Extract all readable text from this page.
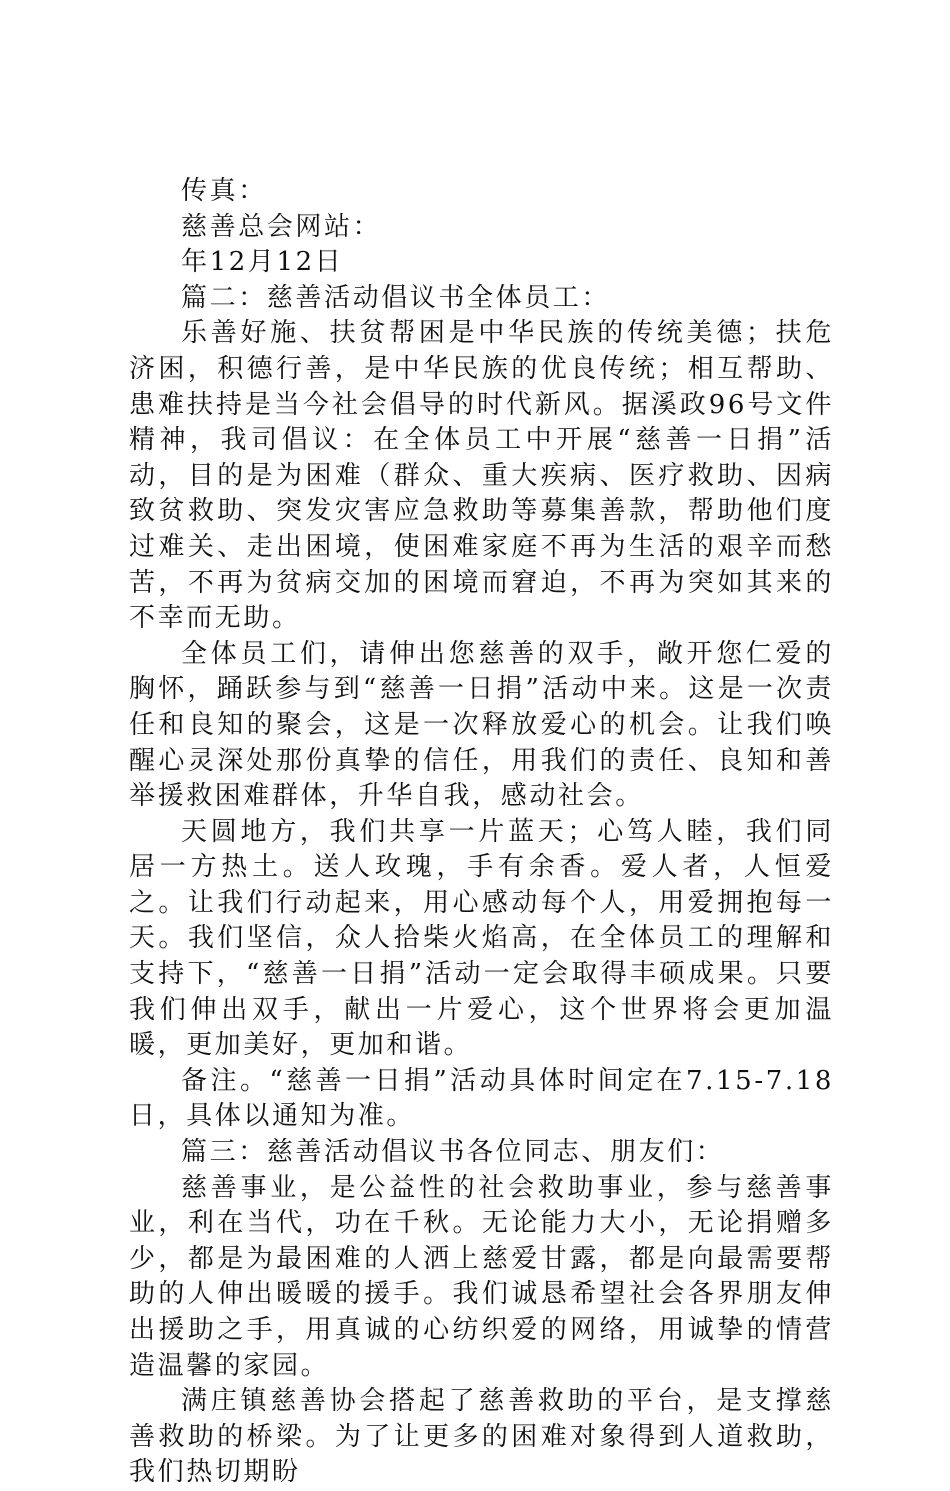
传真：

慈善总会网站：

年12月12日

篇二：慈善活动倡议书全体员工：

乐善好施、扶贫帮困是中华民族的传统美德；扶危济困，积德行善，是中华民族的优良传统；相互帮助、患难扶持是当今社会倡导的时代新风。据溪政96号文件精神，我司倡议：在全体员工中开展“慈善一日捐”活动，目的是为困难（群众、重大疾病、医疗救助、因病致贫救助、突发灾害应急救助等募集善款，帮助他们度过难关、走出困境，使困难家庭不再为生活的艰辛而愁苦，不再为贫病交加的困境而窘迫，不再为突如其来的不幸而无助。

全体员工们，请伸出您慈善的双手，敞开您仁爱的胸怀，踊跃参与到“慈善一日捐”活动中来。这是一次责任和良知的聚会，这是一次释放爱心的机会。让我们唤醒心灵深处那份真挚的信任，用我们的责任、良知和善举援救困难群体，升华自我，感动社会。

天圆地方，我们共享一片蓝天；心笃人睦，我们同居一方热土。送人玫瑰，手有余香。爱人者，人恒爱之。让我们行动起来，用心感动每个人，用爱拥抱每一天。我们坚信，众人拾柴火焰高，在全体员工的理解和支持下，“慈善一日捐”活动一定会取得丰硕成果。只要我们伸出双手，献出一片爱心，这个世界将会更加温暖，更加美好，更加和谐。

备注。“慈善一日捐”活动具体时间定在7.15-7.18日，具体以通知为准。

篇三：慈善活动倡议书各位同志、朋友们：

慈善事业，是公益性的社会救助事业，参与慈善事业，利在当代，功在千秋。无论能力大小，无论捐赠多少，都是为最困难的人洒上慈爱甘露，都是向最需要帮助的人伸出暖暖的援手。我们诚恳希望社会各界朋友伸出援助之手，用真诚的心纺织爱的网络，用诚挚的情营造温馨的家园。

满庄镇慈善协会搭起了慈善救助的平台，是支撑慈善救助的桥梁。为了让更多的困难对象得到人道救助，我们热切期盼
